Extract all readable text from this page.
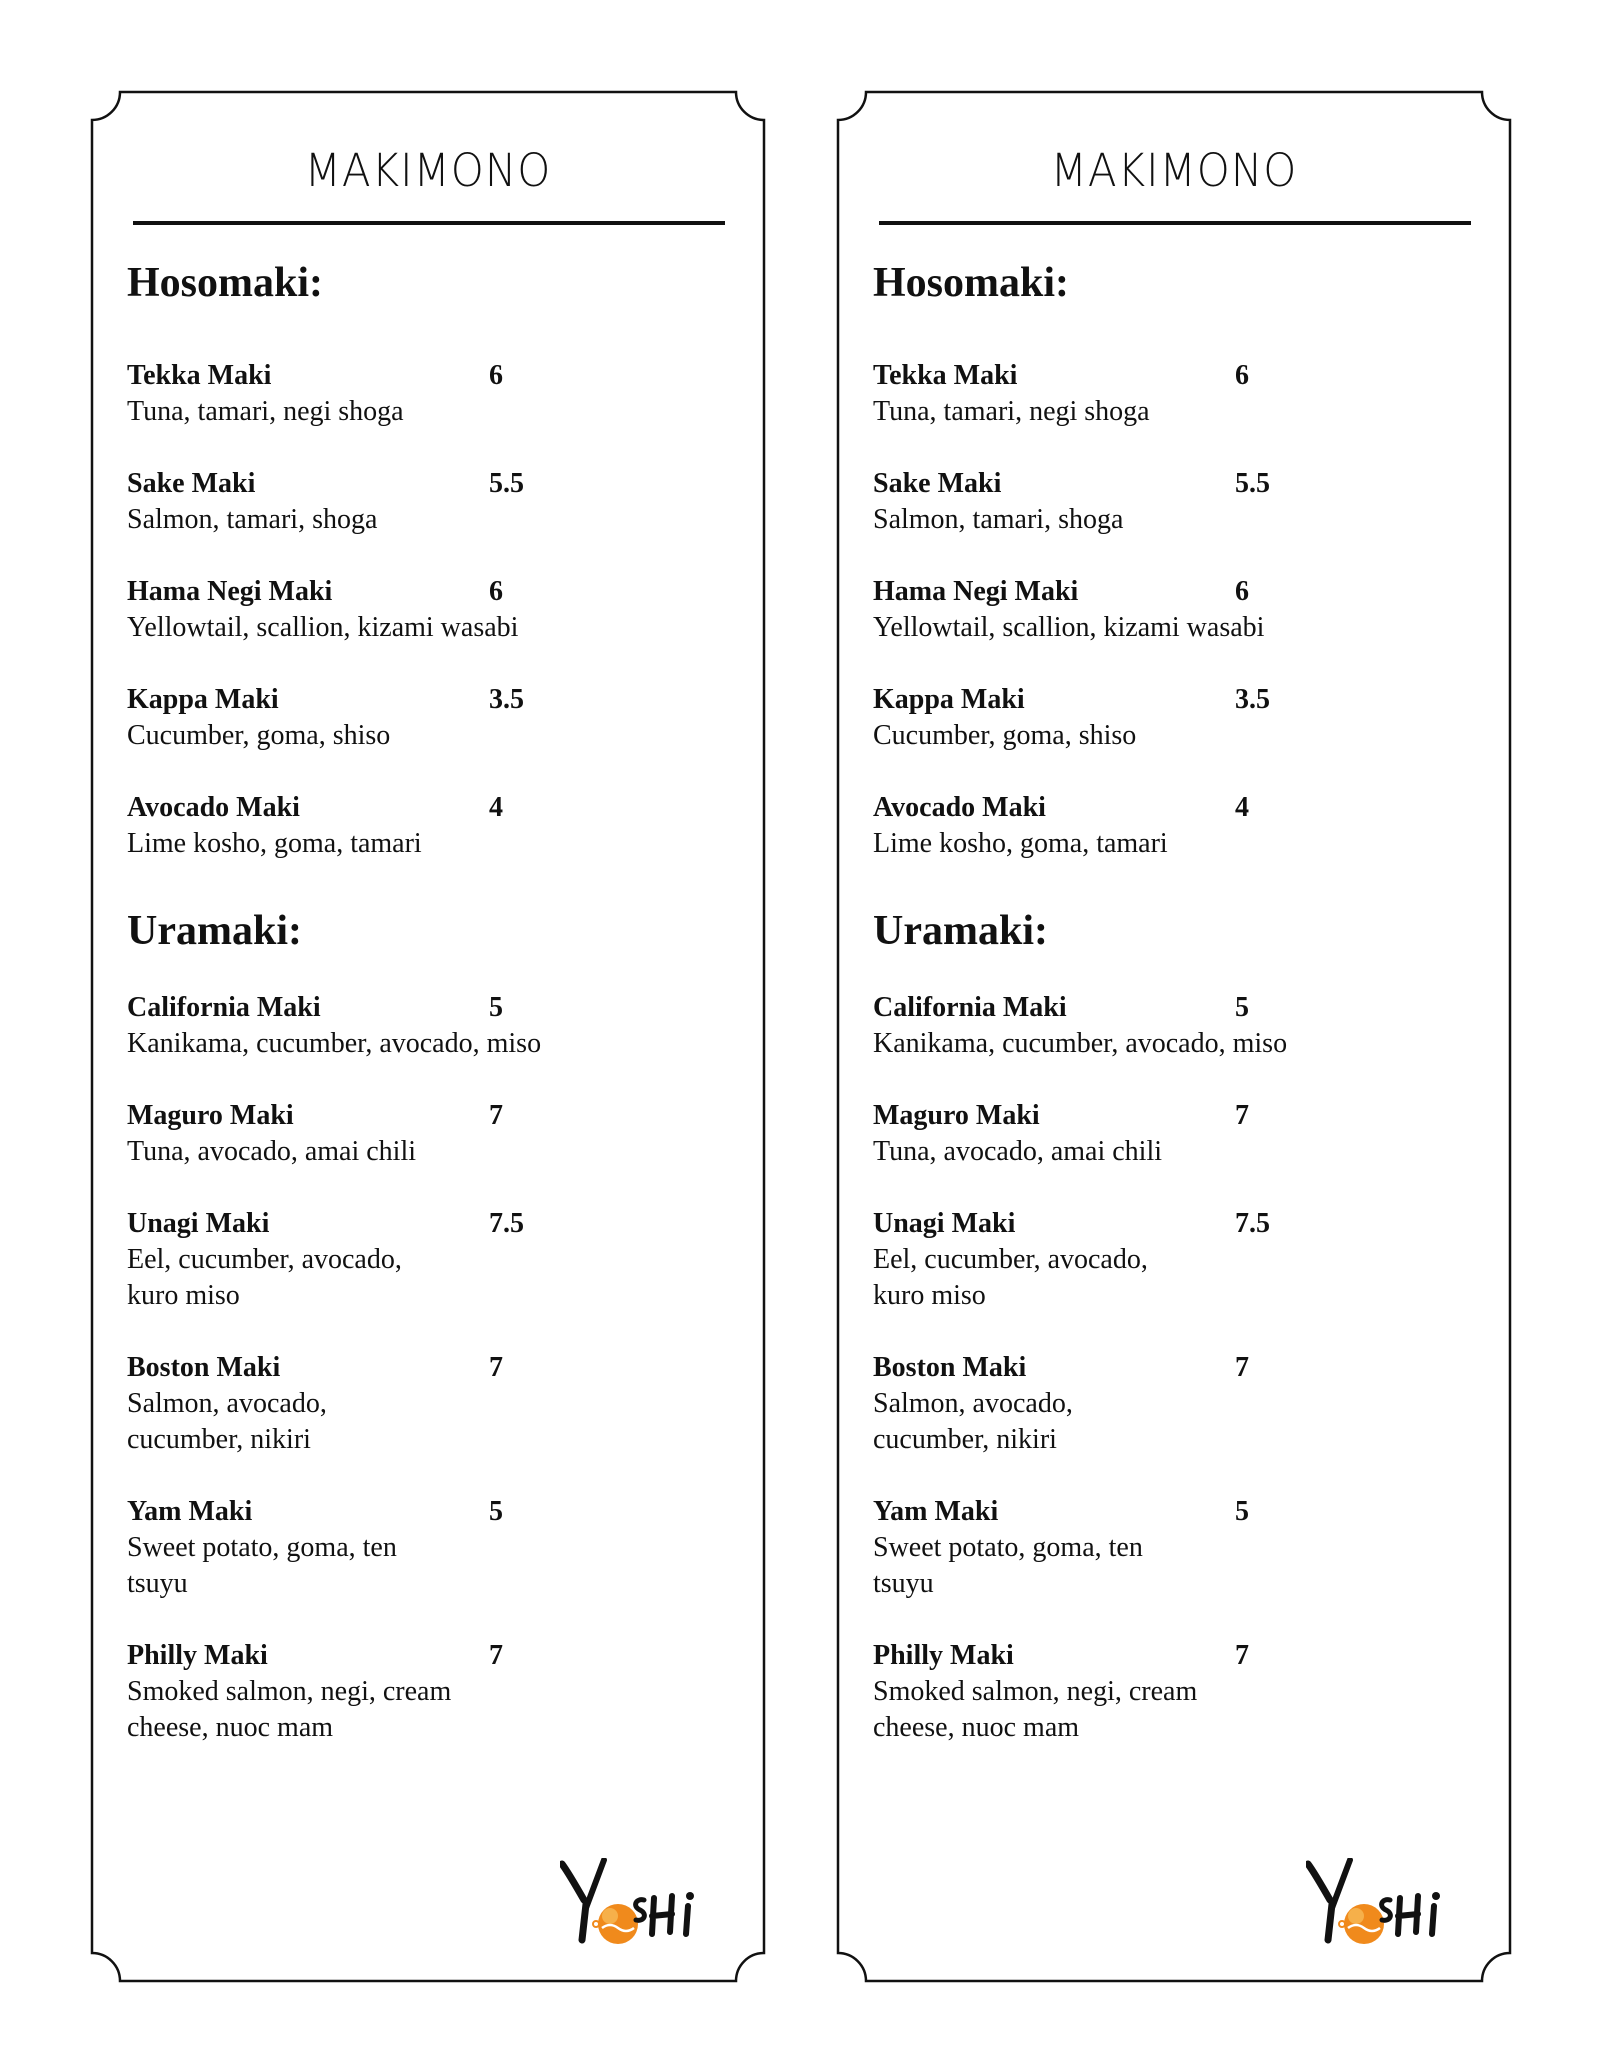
MAKIMONO
Hosomaki:
Tekka Maki	6
Tuna, tamari, negi shoga
Sake Maki	5.5
Salmon, tamari, shoga
Hama Negi Maki	6
Yellowtail, scallion, kizami wasabi
Kappa Maki	3.5
Cucumber, goma, shiso
Avocado Maki	4
Lime kosho, goma, tamari
Uramaki:
California Maki	5
Kanikama, cucumber, avocado, miso
Maguro Maki	7
Tuna, avocado, amai chili
Unagi Maki	7.5
Eel, cucumber, avocado, kuro miso
Boston Maki	7
Salmon, avocado, cucumber, nikiri
Yam Maki	5
Sweet potato, goma, ten tsuyu
Philly Maki	7
Smoked salmon, negi, cream cheese, nuoc mam
MAKIMONO
Hosomaki:
Tekka Maki	6
Tuna, tamari, negi shoga
Sake Maki	5.5
Salmon, tamari, shoga
Hama Negi Maki	6
Yellowtail, scallion, kizami wasabi
Kappa Maki	3.5
Cucumber, goma, shiso
Avocado Maki	4
Lime kosho, goma, tamari
Uramaki:
California Maki	5
Kanikama, cucumber, avocado, miso
Maguro Maki	7
Tuna, avocado, amai chili
Unagi Maki	7.5
Eel, cucumber, avocado, kuro miso
Boston Maki	7
Salmon, avocado, cucumber, nikiri
Yam Maki	5
Sweet potato, goma, ten tsuyu
Philly Maki	7
Smoked salmon, negi, cream cheese, nuoc mam
